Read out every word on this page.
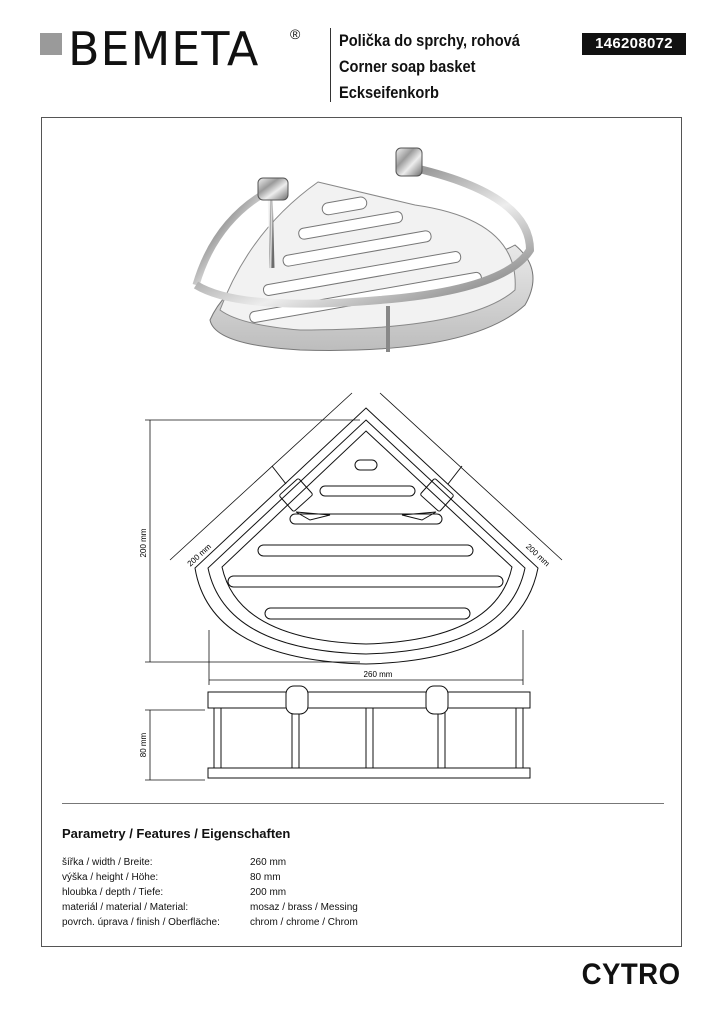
BEMETA ® Polička do sprchy, rohová
Corner soap basket
Eckseifenkorb
146208072
200 mm	200 mm	200 mm
260 mm
80 mm
Parametry / Features / Eigenschaften
šířka / width / Breite:	260 mm
výška / height / Höhe:	80 mm
hloubka / depth / Tiefe:	200 mm
materiál / material / Material:	mosaz / brass / Messing
povrch. úprava / finish / Oberfläche:	chrom / chrome / Chrom
CYTRO
